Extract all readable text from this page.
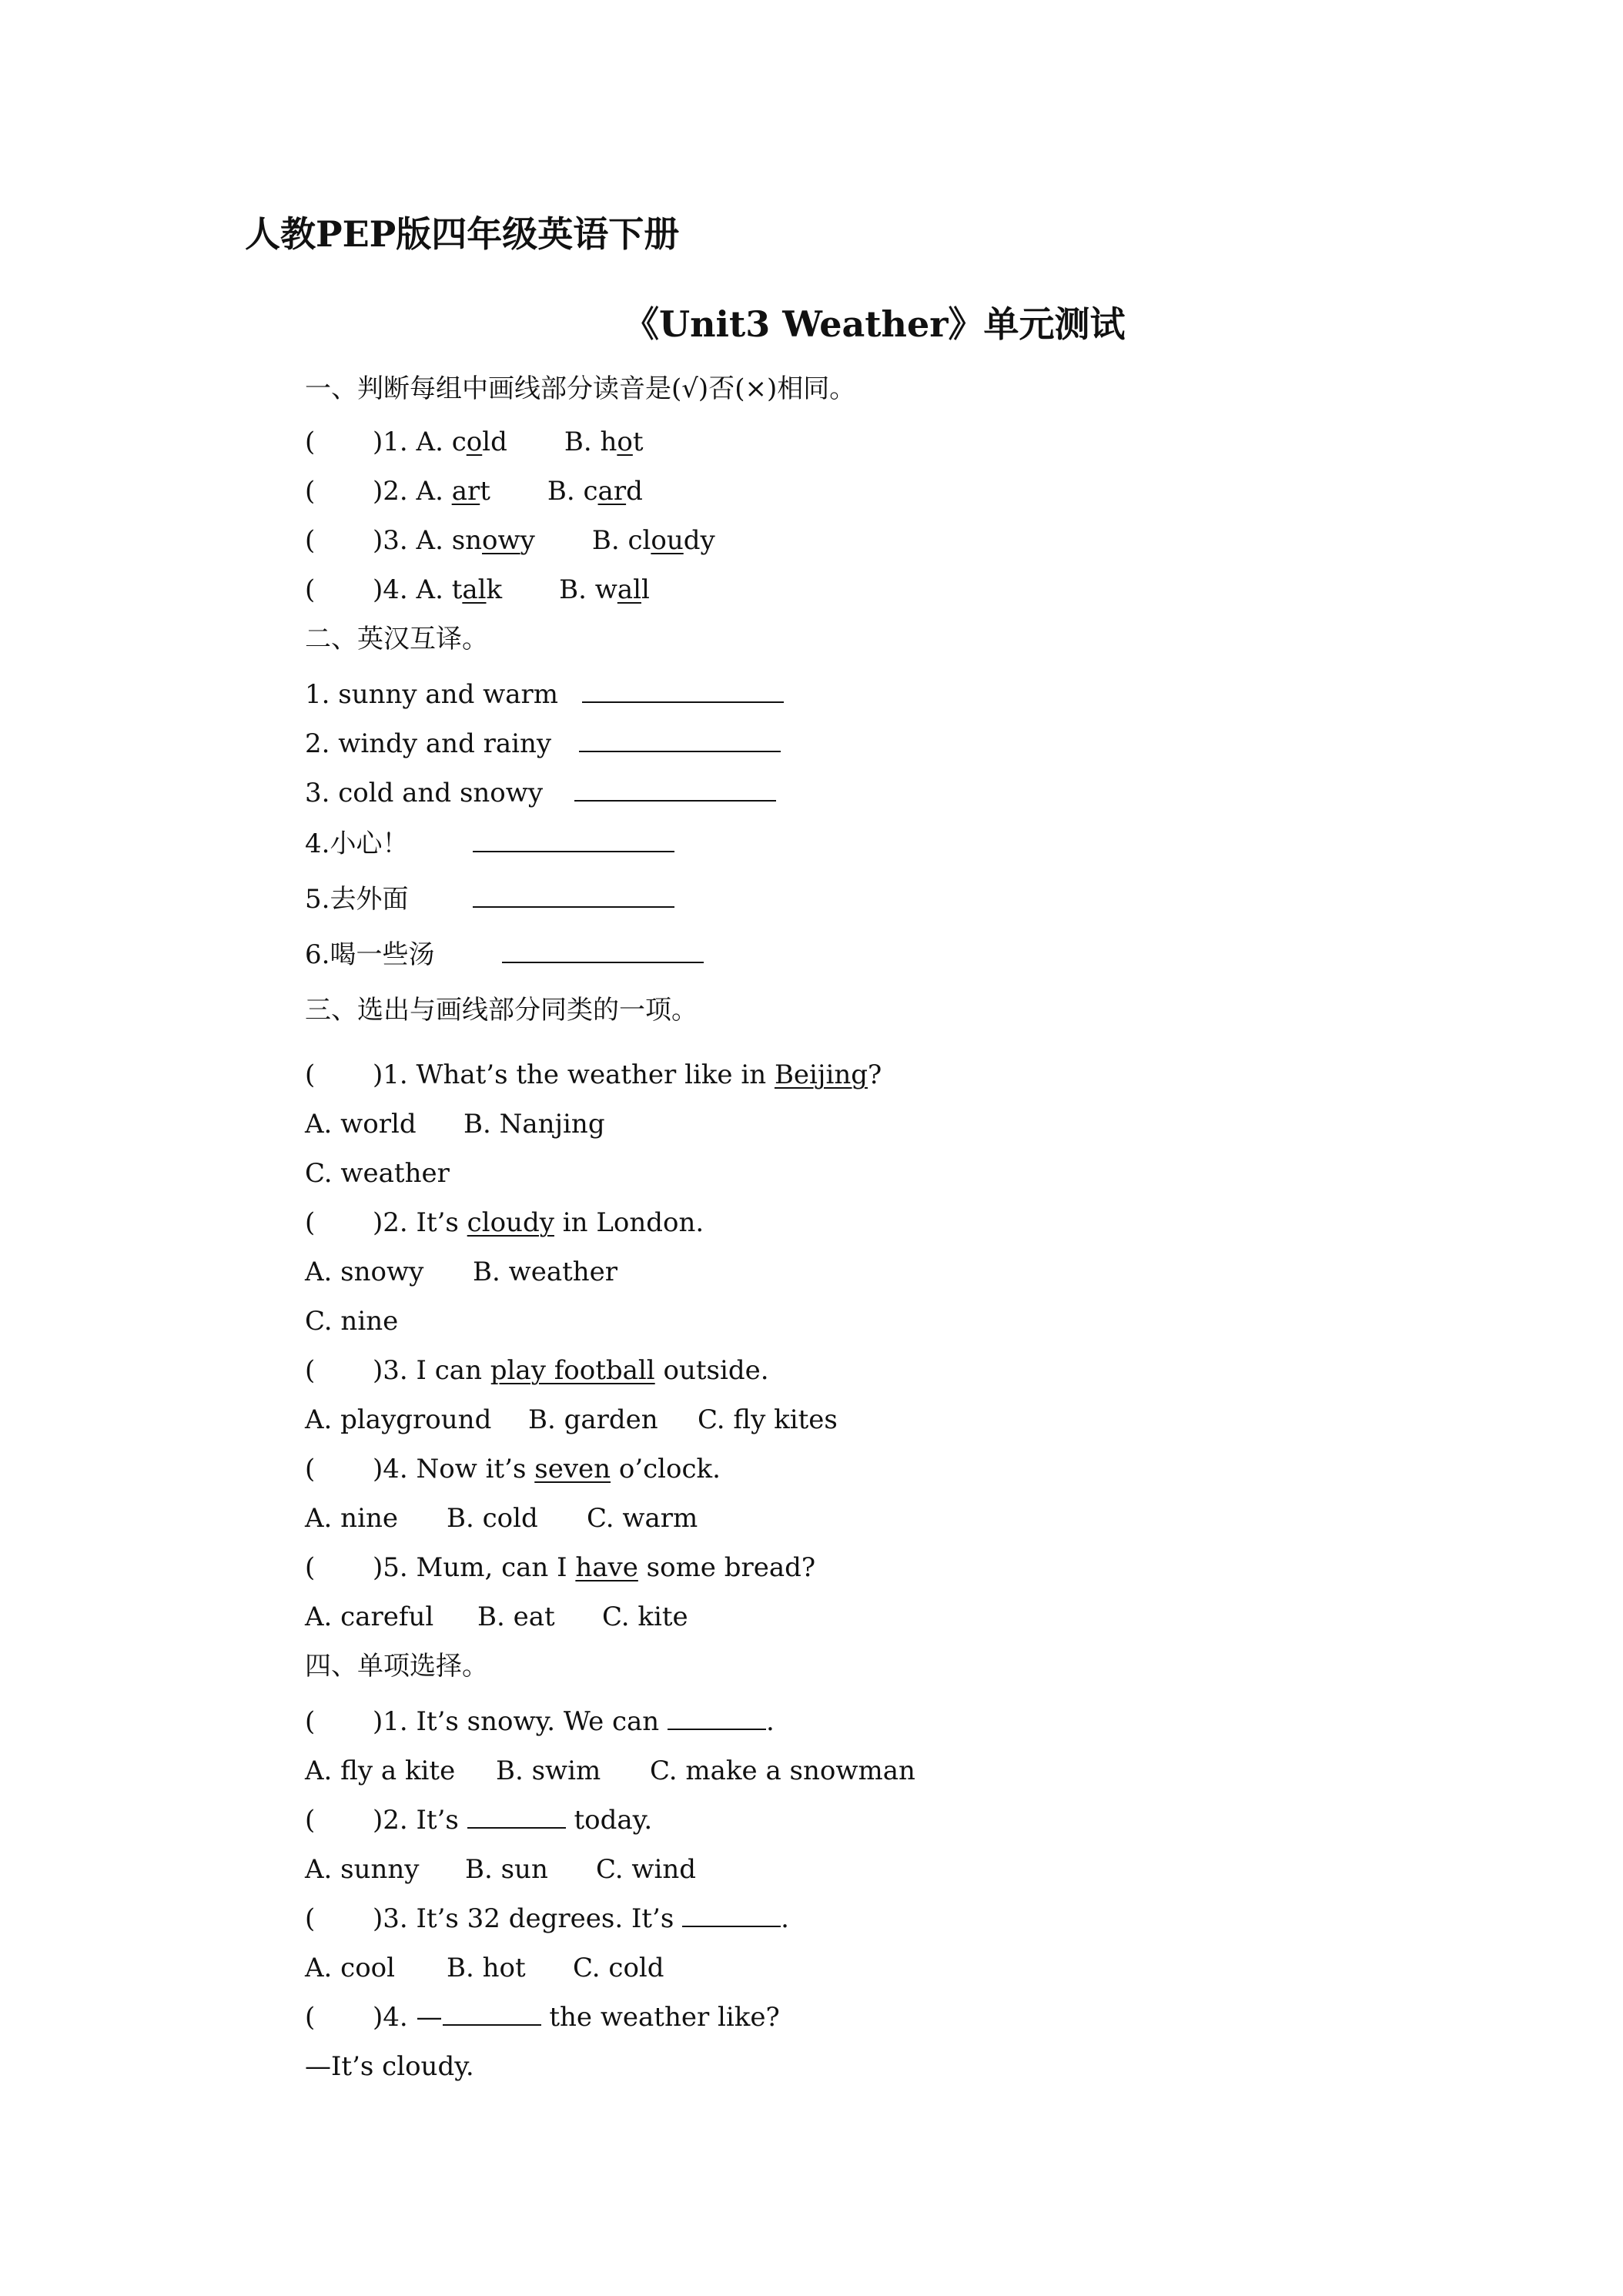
人教PEP版四年级英语下册
《Unit3 Weather》单元测试
一、判断每组中画线部分读音是(√)否(×)相同。
( )1. A. cold B. hot
( )2. A. art B. card
( )3. A. snowy B. cloudy
( )4. A. talk B. wall
二、英汉互译。
1. sunny and warm
2. windy and rainy
3. cold and snowy
4.小心！
5.去外面
6.喝一些汤
三、选出与画线部分同类的一项。
( )1. What’s the weather like in Beijing?
A. world B. Nanjing
C. weather
( )2. It’s cloudy in London.
A. snowy B. weather
C. nine
( )3. I can play football outside.
A. playground B. garden C. fly kites
( )4. Now it’s seven o’clock.
A. nine B. cold C. warm
( )5. Mum, can I have some bread?
A. careful B. eat C. kite
四、单项选择。
( )1. It’s snowy. We can	.
A. fly a kite B. swim C. make a snowman
( )2. It’s	today.
A. sunny B. sun C. wind
( )3. It’s 32 degrees. It’s	.
A. cool B. hot C. cold
( )4. —	the weather like?
—It’s cloudy.
